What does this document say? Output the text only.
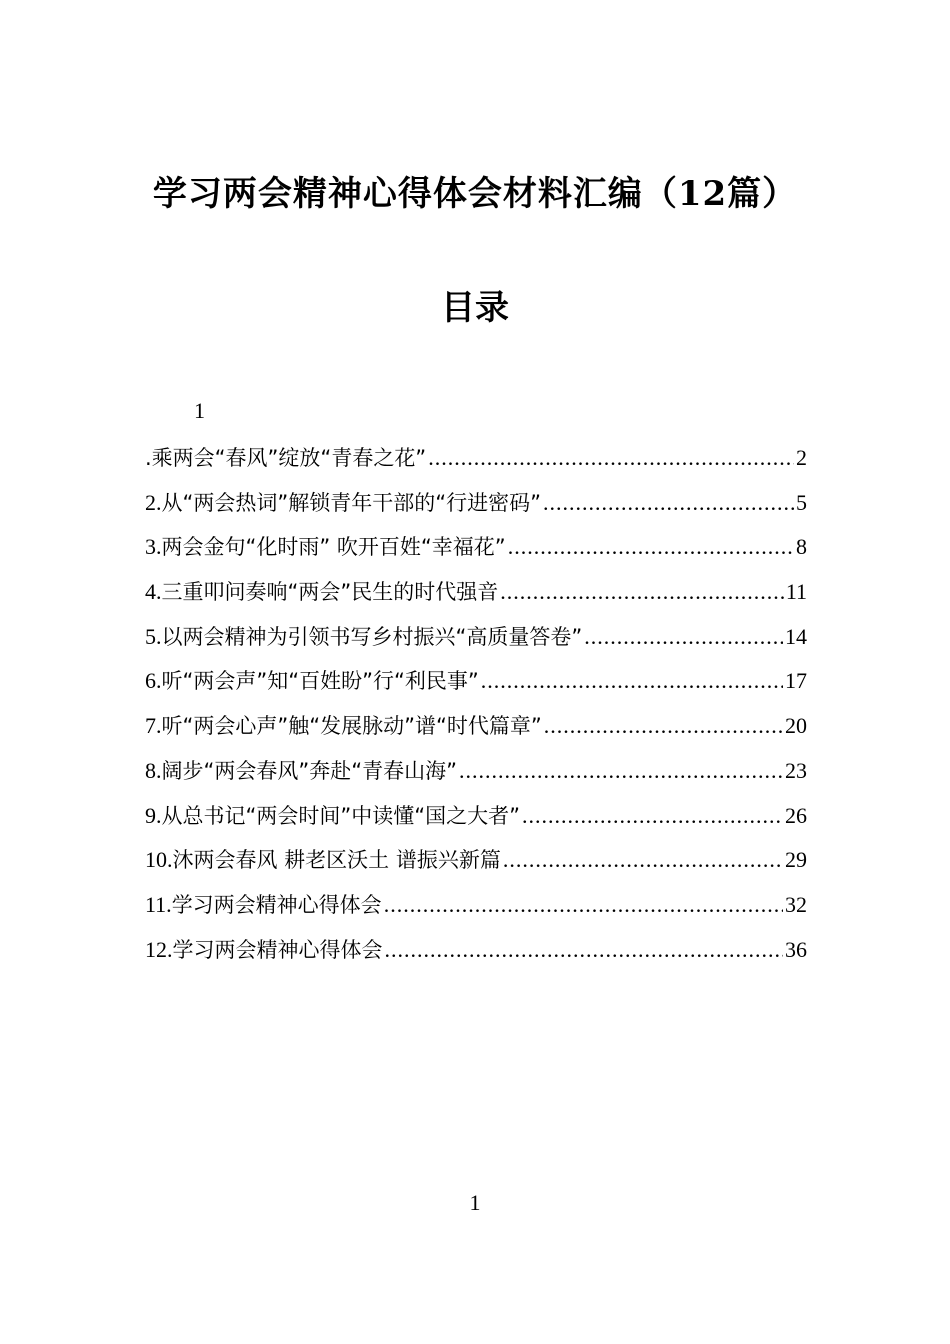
学习两会精神心得体会材料汇编（12篇）
目录
1
.乘两会“春风”绽放“青春之花” .....	2
2.从“两会热词”解锁青年干部的“行进密码” .....	5
3.两会金句“化时雨” 吹开百姓“幸福花” .....	8
4.三重叩问奏响“两会”民生的时代强音 .....	11
5.以两会精神为引领书写乡村振兴“高质量答卷” .....	14
6.听“两会声”知“百姓盼”行“利民事” .....	17
7.听“两会心声”触“发展脉动”谱“时代篇章” .....	20
8.阔步“两会春风”奔赴“青春山海” .....	23
9.从总书记“两会时间”中读懂“国之大者” .....	26
10.沐两会春风 耕老区沃土 谱振兴新篇 .....	29
11.学习两会精神心得体会 .....	32
12.学习两会精神心得体会 .....	36
1
